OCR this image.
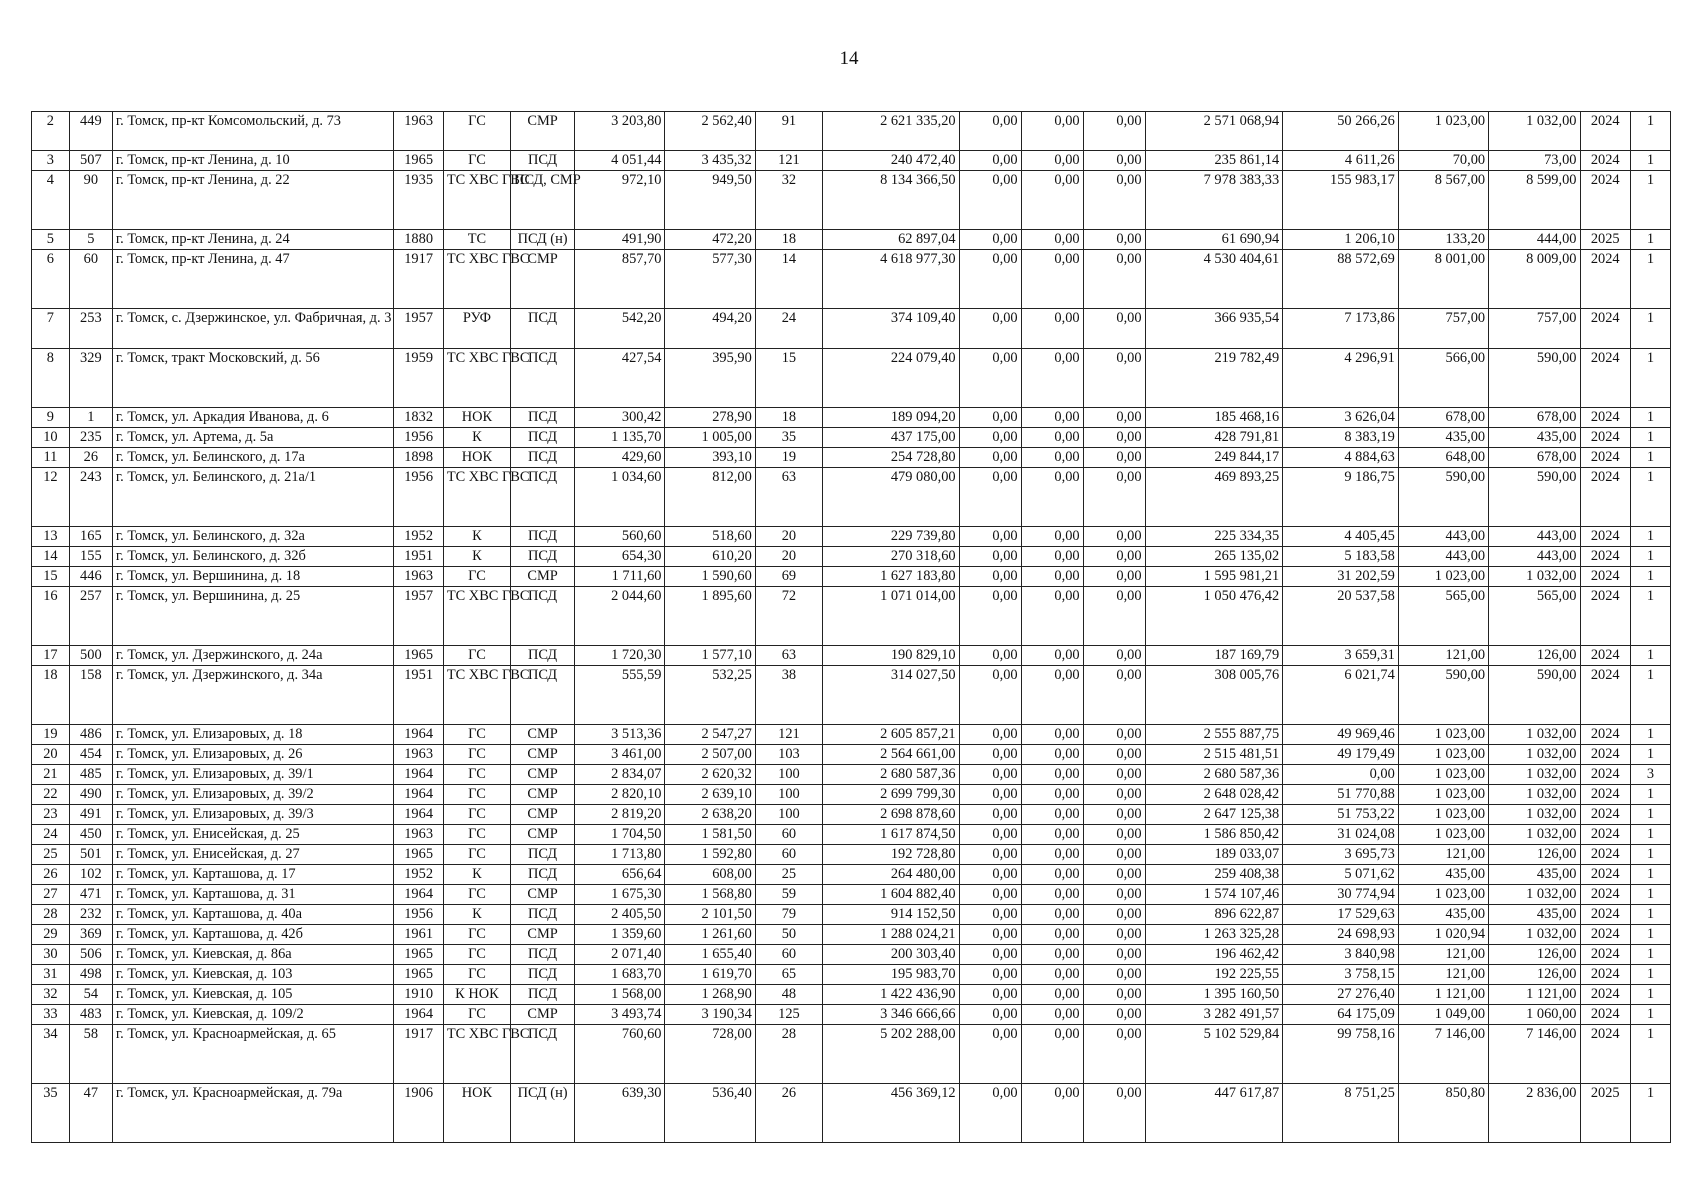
14
2	449	г. Томск, пр-кт Комсомольский, д. 73	1963	ГС	СМР	3 203,80	2 562,40	91	2 621 335,20	0,00	0,00	0,00	2 571 068,94	50 266,26	1 023,00	1 032,00	2024	1
3	507	г. Томск, пр-кт Ленина, д. 10	1965	ГС	ПСД	4 051,44	3 435,32	121	240 472,40	0,00	0,00	0,00	235 861,14	4 611,26	70,00	73,00	2024	1
4	90	г. Томск, пр-кт Ленина, д. 22	1935	ТС ХВС ГВС	ПСД, СМР	972,10	949,50	32	8 134 366,50	0,00	0,00	0,00	7 978 383,33	155 983,17	8 567,00	8 599,00	2024	1
5	5	г. Томск, пр-кт Ленина, д. 24	1880	ТС	ПСД (н)	491,90	472,20	18	62 897,04	0,00	0,00	0,00	61 690,94	1 206,10	133,20	444,00	2025	1
6	60	г. Томск, пр-кт Ленина, д. 47	1917	ТС ХВС ГВС	СМР	857,70	577,30	14	4 618 977,30	0,00	0,00	0,00	4 530 404,61	88 572,69	8 001,00	8 009,00	2024	1
7	253	г. Томск, с. Дзержинское, ул. Фабричная, д. 3	1957	РУФ	ПСД	542,20	494,20	24	374 109,40	0,00	0,00	0,00	366 935,54	7 173,86	757,00	757,00	2024	1
8	329	г. Томск, тракт Московский, д. 56	1959	ТС ХВС ГВС	ПСД	427,54	395,90	15	224 079,40	0,00	0,00	0,00	219 782,49	4 296,91	566,00	590,00	2024	1
9	1	г. Томск, ул. Аркадия Иванова, д. 6	1832	НОК	ПСД	300,42	278,90	18	189 094,20	0,00	0,00	0,00	185 468,16	3 626,04	678,00	678,00	2024	1
10	235	г. Томск, ул. Артема, д. 5а	1956	К	ПСД	1 135,70	1 005,00	35	437 175,00	0,00	0,00	0,00	428 791,81	8 383,19	435,00	435,00	2024	1
11	26	г. Томск, ул. Белинского, д. 17а	1898	НОК	ПСД	429,60	393,10	19	254 728,80	0,00	0,00	0,00	249 844,17	4 884,63	648,00	678,00	2024	1
12	243	г. Томск, ул. Белинского, д. 21а/1	1956	ТС ХВС ГВС	ПСД	1 034,60	812,00	63	479 080,00	0,00	0,00	0,00	469 893,25	9 186,75	590,00	590,00	2024	1
13	165	г. Томск, ул. Белинского, д. 32а	1952	К	ПСД	560,60	518,60	20	229 739,80	0,00	0,00	0,00	225 334,35	4 405,45	443,00	443,00	2024	1
14	155	г. Томск, ул. Белинского, д. 32б	1951	К	ПСД	654,30	610,20	20	270 318,60	0,00	0,00	0,00	265 135,02	5 183,58	443,00	443,00	2024	1
15	446	г. Томск, ул. Вершинина, д. 18	1963	ГС	СМР	1 711,60	1 590,60	69	1 627 183,80	0,00	0,00	0,00	1 595 981,21	31 202,59	1 023,00	1 032,00	2024	1
16	257	г. Томск, ул. Вершинина, д. 25	1957	ТС ХВС ГВС	ПСД	2 044,60	1 895,60	72	1 071 014,00	0,00	0,00	0,00	1 050 476,42	20 537,58	565,00	565,00	2024	1
17	500	г. Томск, ул. Дзержинского, д. 24а	1965	ГС	ПСД	1 720,30	1 577,10	63	190 829,10	0,00	0,00	0,00	187 169,79	3 659,31	121,00	126,00	2024	1
18	158	г. Томск, ул. Дзержинского, д. 34а	1951	ТС ХВС ГВС	ПСД	555,59	532,25	38	314 027,50	0,00	0,00	0,00	308 005,76	6 021,74	590,00	590,00	2024	1
19	486	г. Томск, ул. Елизаровых, д. 18	1964	ГС	СМР	3 513,36	2 547,27	121	2 605 857,21	0,00	0,00	0,00	2 555 887,75	49 969,46	1 023,00	1 032,00	2024	1
20	454	г. Томск, ул. Елизаровых, д. 26	1963	ГС	СМР	3 461,00	2 507,00	103	2 564 661,00	0,00	0,00	0,00	2 515 481,51	49 179,49	1 023,00	1 032,00	2024	1
21	485	г. Томск, ул. Елизаровых, д. 39/1	1964	ГС	СМР	2 834,07	2 620,32	100	2 680 587,36	0,00	0,00	0,00	2 680 587,36	0,00	1 023,00	1 032,00	2024	3
22	490	г. Томск, ул. Елизаровых, д. 39/2	1964	ГС	СМР	2 820,10	2 639,10	100	2 699 799,30	0,00	0,00	0,00	2 648 028,42	51 770,88	1 023,00	1 032,00	2024	1
23	491	г. Томск, ул. Елизаровых, д. 39/3	1964	ГС	СМР	2 819,20	2 638,20	100	2 698 878,60	0,00	0,00	0,00	2 647 125,38	51 753,22	1 023,00	1 032,00	2024	1
24	450	г. Томск, ул. Енисейская, д. 25	1963	ГС	СМР	1 704,50	1 581,50	60	1 617 874,50	0,00	0,00	0,00	1 586 850,42	31 024,08	1 023,00	1 032,00	2024	1
25	501	г. Томск, ул. Енисейская, д. 27	1965	ГС	ПСД	1 713,80	1 592,80	60	192 728,80	0,00	0,00	0,00	189 033,07	3 695,73	121,00	126,00	2024	1
26	102	г. Томск, ул. Карташова, д. 17	1952	К	ПСД	656,64	608,00	25	264 480,00	0,00	0,00	0,00	259 408,38	5 071,62	435,00	435,00	2024	1
27	471	г. Томск, ул. Карташова, д. 31	1964	ГС	СМР	1 675,30	1 568,80	59	1 604 882,40	0,00	0,00	0,00	1 574 107,46	30 774,94	1 023,00	1 032,00	2024	1
28	232	г. Томск, ул. Карташова, д. 40а	1956	К	ПСД	2 405,50	2 101,50	79	914 152,50	0,00	0,00	0,00	896 622,87	17 529,63	435,00	435,00	2024	1
29	369	г. Томск, ул. Карташова, д. 42б	1961	ГС	СМР	1 359,60	1 261,60	50	1 288 024,21	0,00	0,00	0,00	1 263 325,28	24 698,93	1 020,94	1 032,00	2024	1
30	506	г. Томск, ул. Киевская, д. 86а	1965	ГС	ПСД	2 071,40	1 655,40	60	200 303,40	0,00	0,00	0,00	196 462,42	3 840,98	121,00	126,00	2024	1
31	498	г. Томск, ул. Киевская, д. 103	1965	ГС	ПСД	1 683,70	1 619,70	65	195 983,70	0,00	0,00	0,00	192 225,55	3 758,15	121,00	126,00	2024	1
32	54	г. Томск, ул. Киевская, д. 105	1910	К НОК	ПСД	1 568,00	1 268,90	48	1 422 436,90	0,00	0,00	0,00	1 395 160,50	27 276,40	1 121,00	1 121,00	2024	1
33	483	г. Томск, ул. Киевская, д. 109/2	1964	ГС	СМР	3 493,74	3 190,34	125	3 346 666,66	0,00	0,00	0,00	3 282 491,57	64 175,09	1 049,00	1 060,00	2024	1
34	58	г. Томск, ул. Красноармейская, д. 65	1917	ТС ХВС ГВС	ПСД	760,60	728,00	28	5 202 288,00	0,00	0,00	0,00	5 102 529,84	99 758,16	7 146,00	7 146,00	2024	1
35	47	г. Томск, ул. Красноармейская, д. 79а	1906	НОК	ПСД (н)	639,30	536,40	26	456 369,12	0,00	0,00	0,00	447 617,87	8 751,25	850,80	2 836,00	2025	1
